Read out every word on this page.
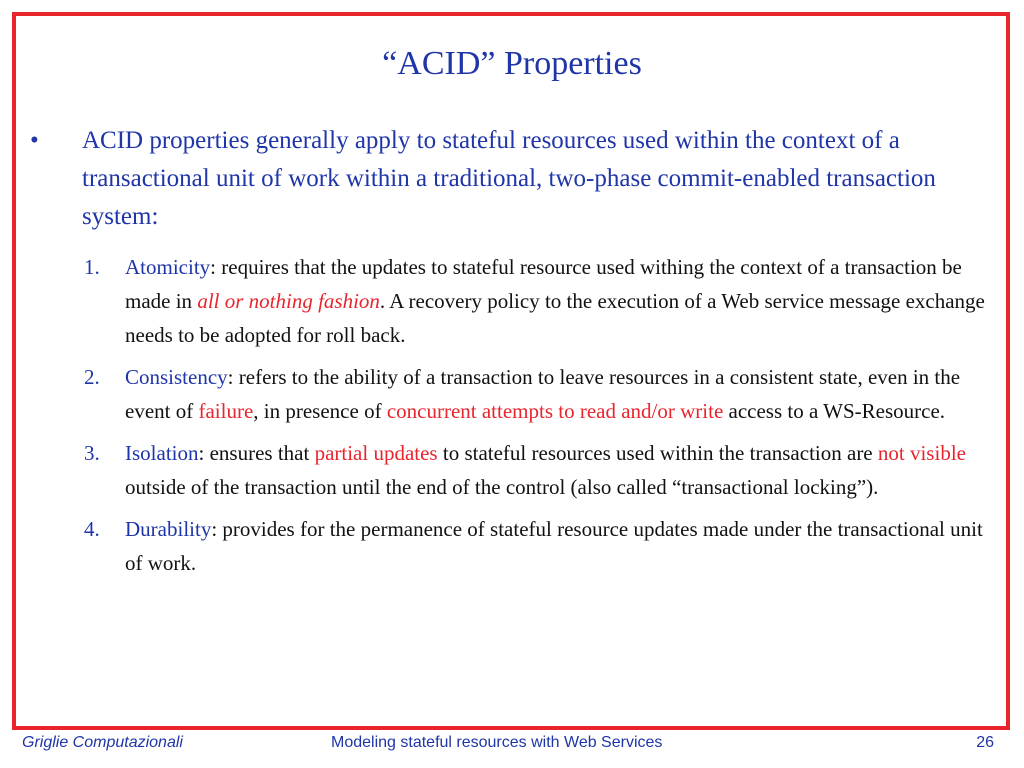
“ACID” Properties
• ACID properties generally apply to stateful resources used within the context of a transactional unit of work within a traditional, two-phase commit-enabled transaction system:
1. Atomicity: requires that the updates to stateful resource used withing the context of a transaction be made in all or nothing fashion. A recovery policy to the execution of a Web service message exchange needs to be adopted for roll back.
2. Consistency: refers to the ability of a transaction to leave resources in a consistent state, even in the event of failure, in presence of concurrent attempts to read and/or write access to a WS-Resource.
3. Isolation: ensures that partial updates to stateful resources used within the transaction are not visible outside of the transaction until the end of the control (also called “transactional locking”).
4. Durability: provides for the permanence of stateful resource updates made under the transactional unit of work.
Griglie Computazionali	Modeling stateful resources with Web Services	26
